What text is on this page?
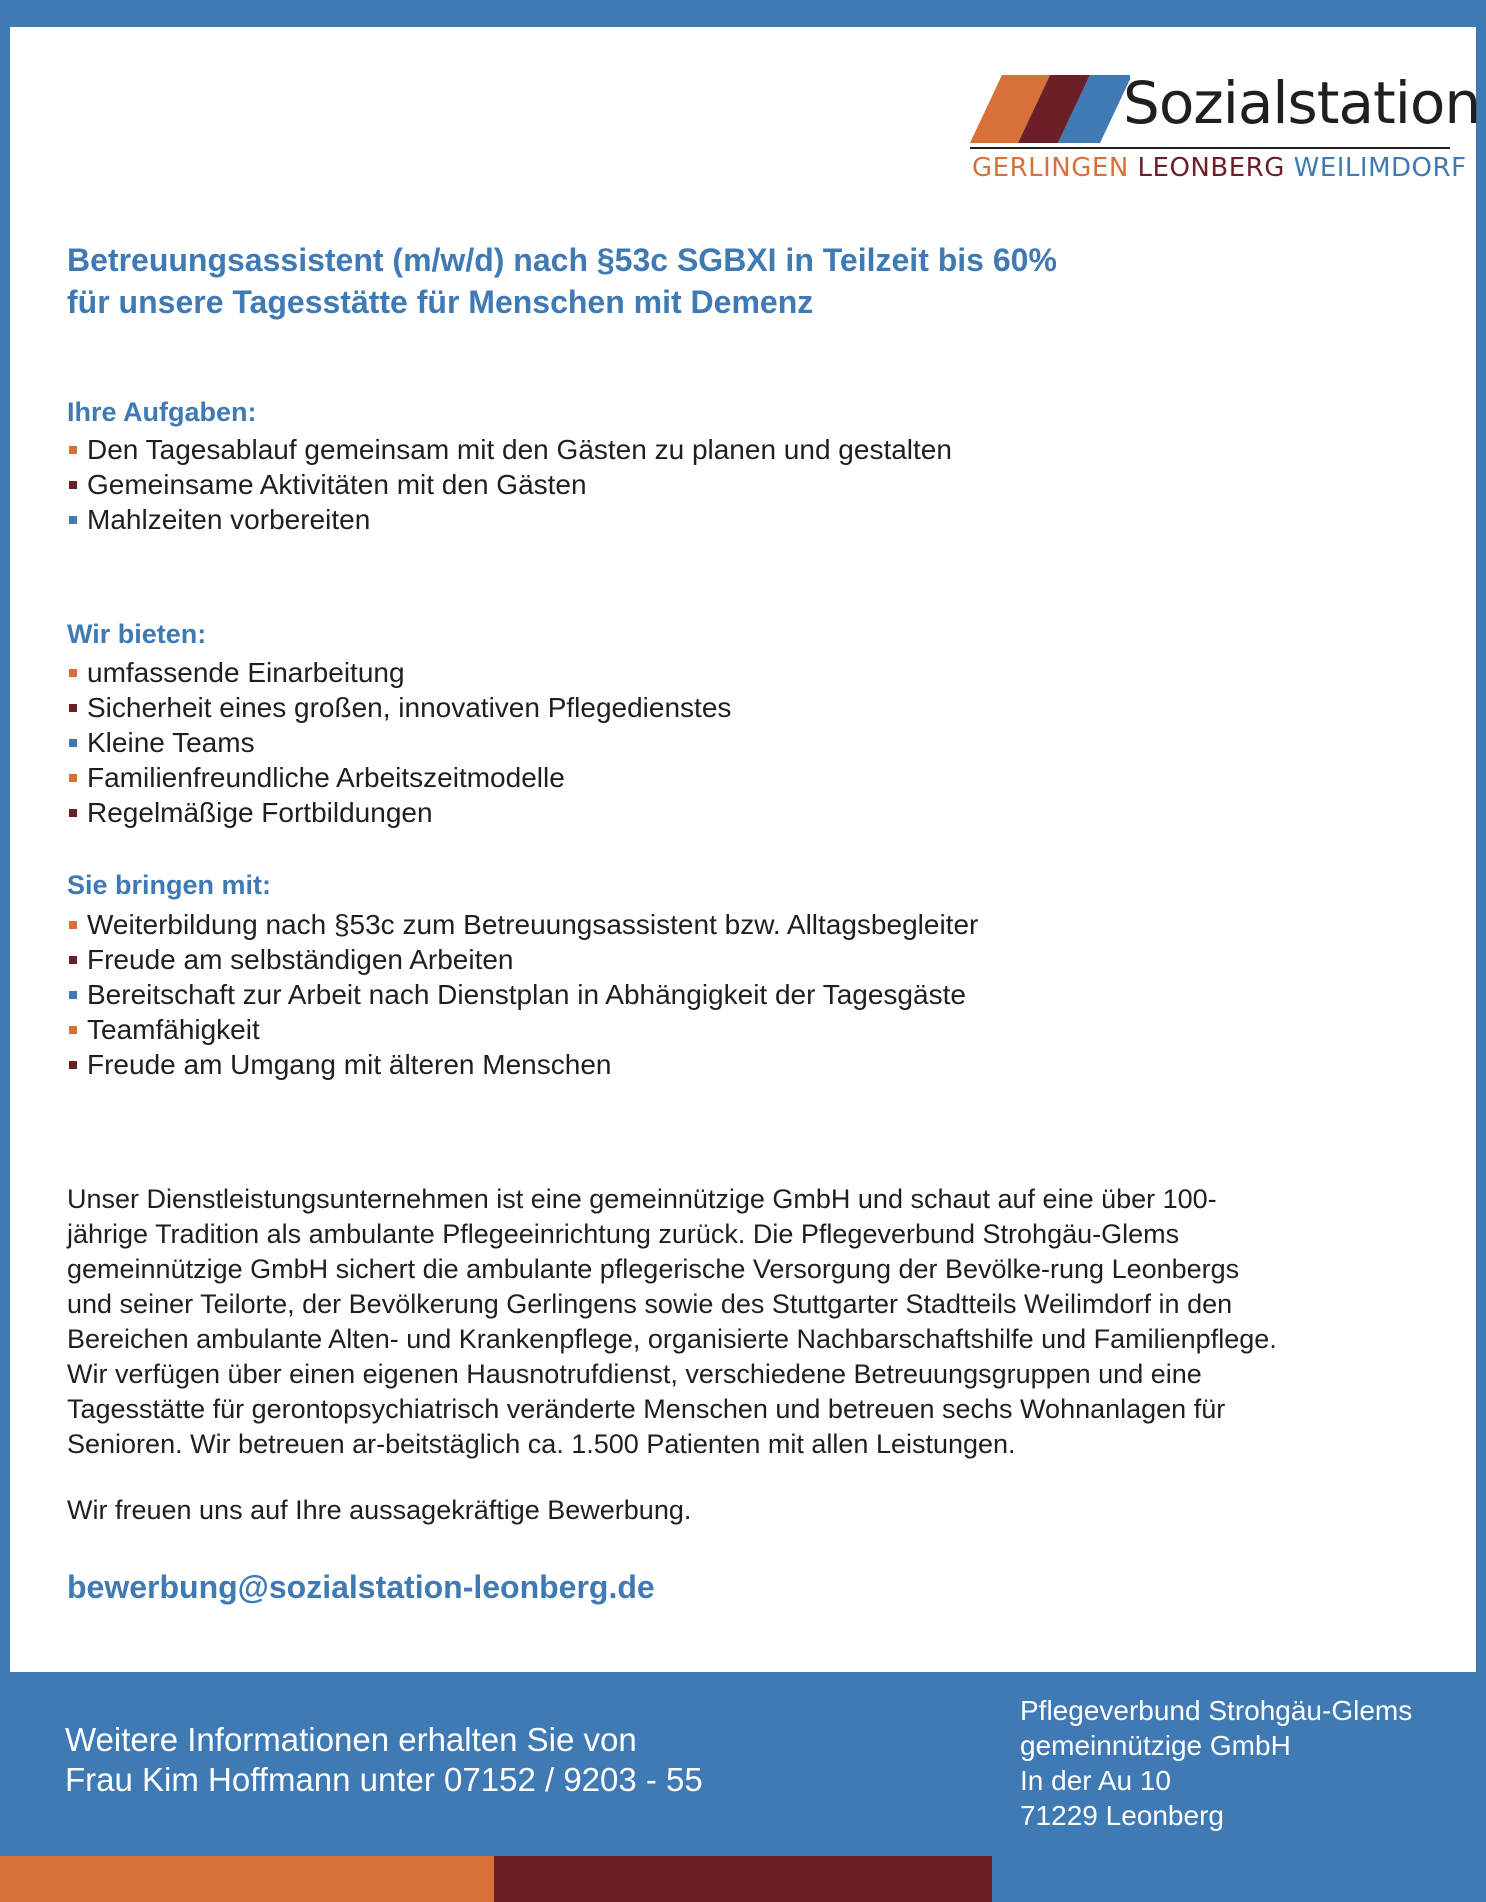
Sozialstation
GERLINGEN LEONBERG WEILIMDORF
Betreuungsassistent (m/w/d) nach §53c SGBXI in Teilzeit bis 60%
für unsere Tagesstätte für Menschen mit Demenz
Ihre Aufgaben:
Den Tagesablauf gemeinsam mit den Gästen zu planen und gestalten
Gemeinsame Aktivitäten mit den Gästen
Mahlzeiten vorbereiten
Wir bieten:
umfassende Einarbeitung
Sicherheit eines großen, innovativen Pflegedienstes
Kleine Teams
Familienfreundliche Arbeitszeitmodelle
Regelmäßige Fortbildungen
Sie bringen mit:
Weiterbildung nach §53c zum Betreuungsassistent bzw. Alltagsbegleiter
Freude am selbständigen Arbeiten
Bereitschaft zur Arbeit nach Dienstplan in Abhängigkeit der Tagesgäste
Teamfähigkeit
Freude am Umgang mit älteren Menschen
Unser Dienstleistungsunternehmen ist eine gemeinnützige GmbH und schaut auf eine über 100-
jährige Tradition als ambulante Pflegeeinrichtung zurück. Die Pflegeverbund Strohgäu-Glems
gemeinnützige GmbH sichert die ambulante pflegerische Versorgung der Bevölke-rung Leonbergs
und seiner Teilorte, der Bevölkerung Gerlingens sowie des Stuttgarter Stadtteils Weilimdorf in den
Bereichen ambulante Alten- und Krankenpflege, organisierte Nachbarschaftshilfe und Familienpflege.
Wir verfügen über einen eigenen Hausnotrufdienst, verschiedene Betreuungsgruppen und eine
Tagesstätte für gerontopsychiatrisch veränderte Menschen und betreuen sechs Wohnanlagen für
Senioren. Wir betreuen ar-beitstäglich ca. 1.500 Patienten mit allen Leistungen.
Wir freuen uns auf Ihre aussagekräftige Bewerbung.
bewerbung@sozialstation-leonberg.de
Weitere Informationen erhalten Sie von
Frau Kim Hoffmann unter 07152 / 9203 - 55
Pflegeverbund Strohgäu-Glems
gemeinnützige GmbH
In der Au 10
71229 Leonberg
